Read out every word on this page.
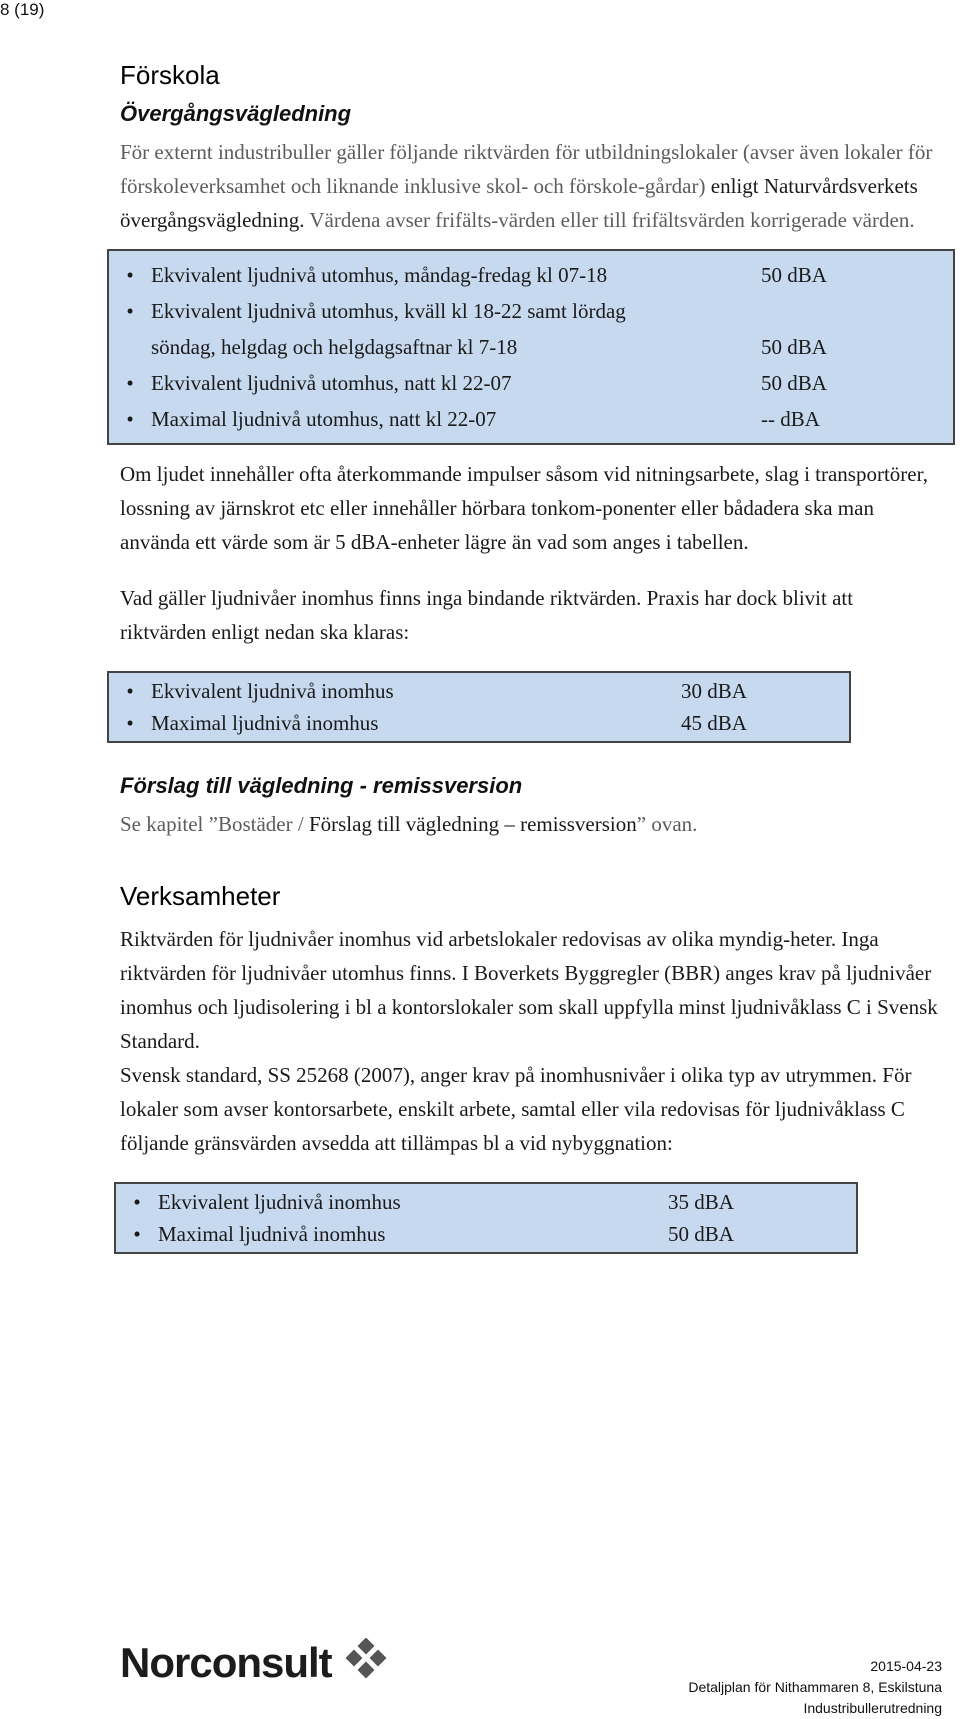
8 (19)
Förskola
Övergångsvägledning

För externt industribuller gäller följande riktvärden för utbildningslokaler (avser även lokaler för förskoleverksamhet och liknande inklusive skol- och förskole-gårdar) enligt Naturvårdsverkets övergångsvägledning. Värdena avser frifälts-värden eller till frifältsvärden korrigerade värden.

• Ekvivalent ljudnivå utomhus, måndag-fredag kl 07-18	50 dBA
• Ekvivalent ljudnivå utomhus, kväll kl 18-22 samt lördag
söndag, helgdag och helgdagsaftnar kl 7-18	50 dBA
• Ekvivalent ljudnivå utomhus, natt kl 22-07	50 dBA
• Maximal ljudnivå utomhus, natt kl 22-07	-- dBA

Om ljudet innehåller ofta återkommande impulser såsom vid nitningsarbete, slag i transportörer, lossning av järnskrot etc eller innehåller hörbara tonkom-ponenter eller bådadera ska man använda ett värde som är 5 dBA-enheter lägre än vad som anges i tabellen.

Vad gäller ljudnivåer inomhus finns inga bindande riktvärden. Praxis har dock blivit att riktvärden enligt nedan ska klaras:

• Ekvivalent ljudnivå inomhus	30 dBA
• Maximal ljudnivå inomhus	45 dBA
Förslag till vägledning - remissversion

Se kapitel ”Bostäder / Förslag till vägledning – remissversion” ovan.

Verksamheter

Riktvärden för ljudnivåer inomhus vid arbetslokaler redovisas av olika myndig-heter. Inga riktvärden för ljudnivåer utomhus finns. I Boverkets Byggregler (BBR) anges krav på ljudnivåer inomhus och ljudisolering i bl a kontorslokaler som skall uppfylla minst ljudnivåklass C i Svensk Standard.

Svensk standard, SS 25268 (2007), anger krav på inomhusnivåer i olika typ av utrymmen. För lokaler som avser kontorsarbete, enskilt arbete, samtal eller vila redovisas för ljudnivåklass C följande gränsvärden avsedda att tillämpas bl a vid nybyggnation:

• Ekvivalent ljudnivå inomhus	35 dBA
• Maximal ljudnivå inomhus	50 dBA
Norconsult	2015-04-23
Detaljplan för Nithammaren 8, Eskilstuna
Industribullerutredning
